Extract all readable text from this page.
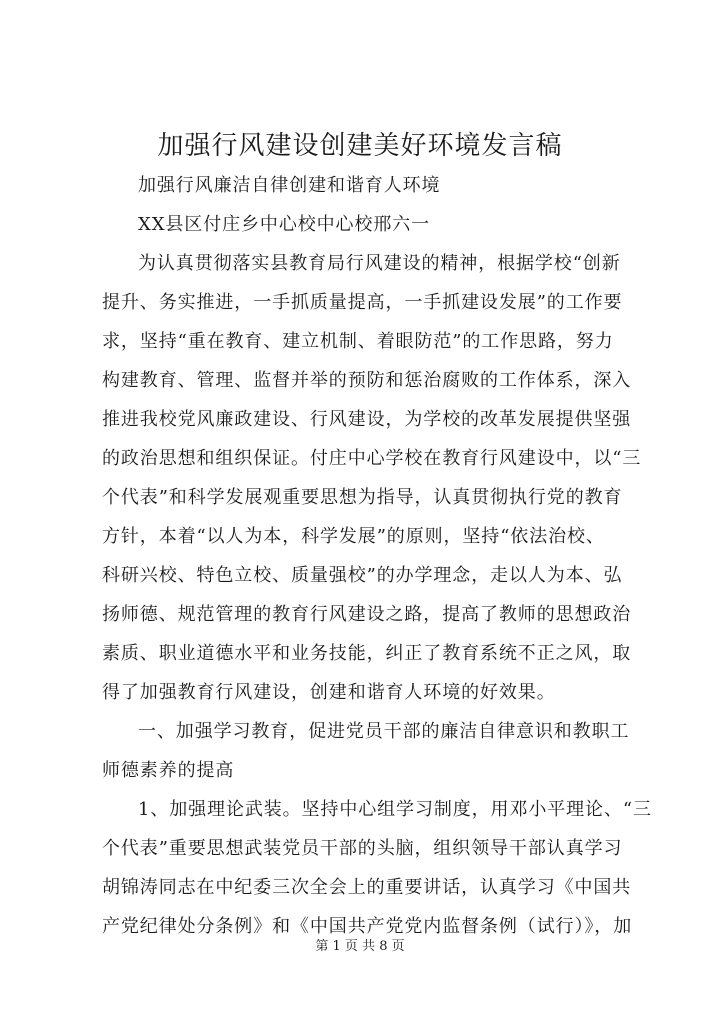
加强行风建设创建美好环境发言稿
加强行风廉洁自律创建和谐育人环境
XX县区付庄乡中心校中心校邢六一
为认真贯彻落实县教育局行风建设的精神，根据学校“创新
提升、务实推进，一手抓质量提高，一手抓建设发展”的工作要
求，坚持“重在教育、建立机制、着眼防范”的工作思路，努力
构建教育、管理、监督并举的预防和惩治腐败的工作体系，深入
推进我校党风廉政建设、行风建设，为学校的改革发展提供坚强
的政治思想和组织保证。付庄中心学校在教育行风建设中，以“三
个代表”和科学发展观重要思想为指导，认真贯彻执行党的教育
方针，本着“以人为本，科学发展”的原则，坚持“依法治校、
科研兴校、特色立校、质量强校”的办学理念，走以人为本、弘
扬师德、规范管理的教育行风建设之路，提高了教师的思想政治
素质、职业道德水平和业务技能，纠正了教育系统不正之风，取
得了加强教育行风建设，创建和谐育人环境的好效果。
一、加强学习教育，促进党员干部的廉洁自律意识和教职工
师德素养的提高
1、加强理论武装。坚持中心组学习制度，用邓小平理论、“三
个代表”重要思想武装党员干部的头脑，组织领导干部认真学习
胡锦涛同志在中纪委三次全会上的重要讲话，认真学习《中国共
产党纪律处分条例》和《中国共产党党内监督条例（试行）》，加
第 1 页 共 8 页
